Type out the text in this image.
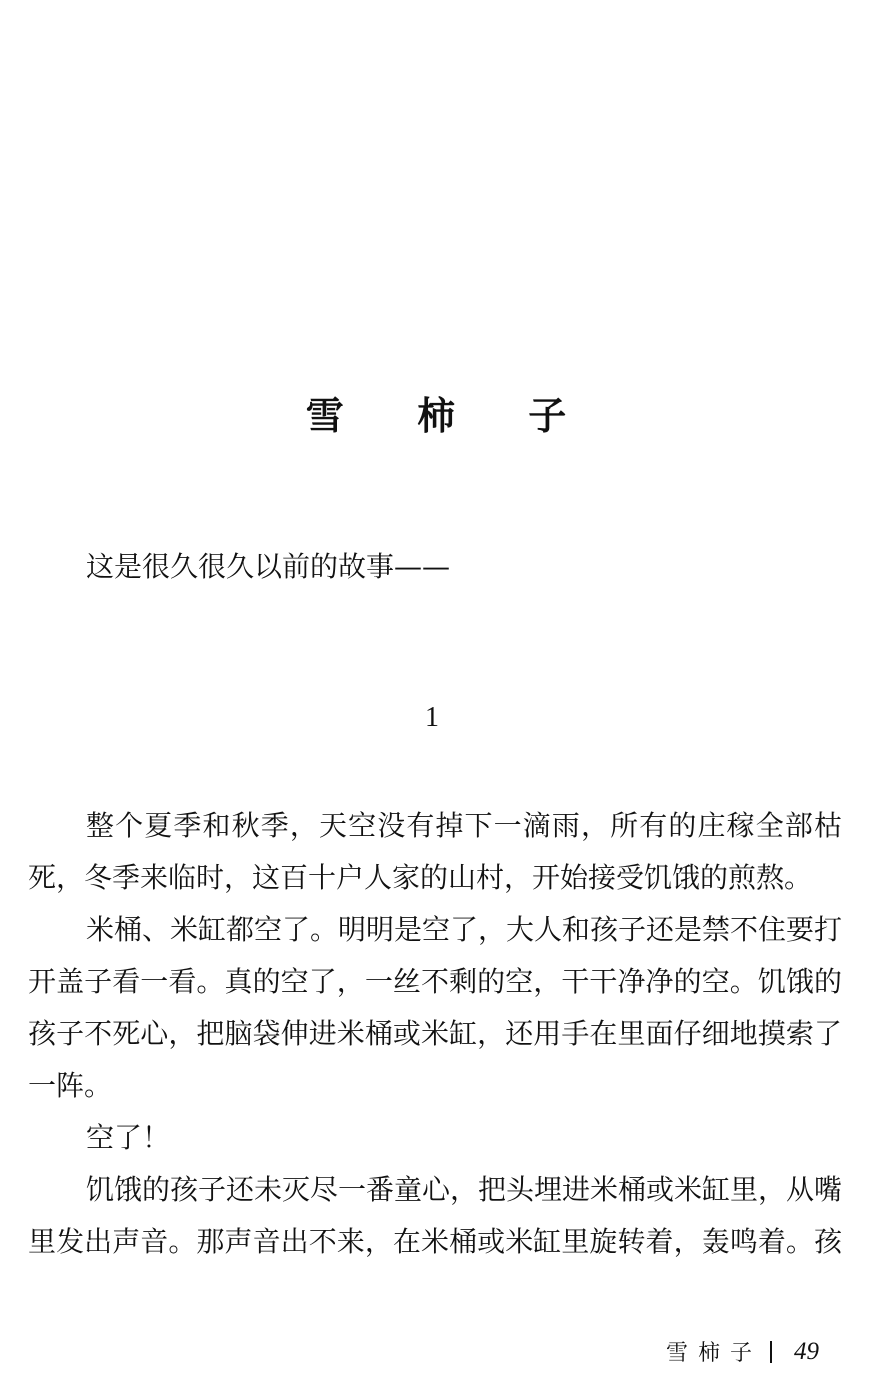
雪 柿 子
这是很久很久以前的故事——
1
整个夏季和秋季，天空没有掉下一滴雨，所有的庄稼全部枯
死，冬季来临时，这百十户人家的山村，开始接受饥饿的煎熬。
米桶、米缸都空了。明明是空了，大人和孩子还是禁不住要打
开盖子看一看。真的空了，一丝不剩的空，干干净净的空。饥饿的
孩子不死心，把脑袋伸进米桶或米缸，还用手在里面仔细地摸索了
一阵。
空了！
饥饿的孩子还未灭尽一番童心，把头埋进米桶或米缸里，从嘴
里发出声音。那声音出不来，在米桶或米缸里旋转着，轰鸣着。孩
雪柿子 49
